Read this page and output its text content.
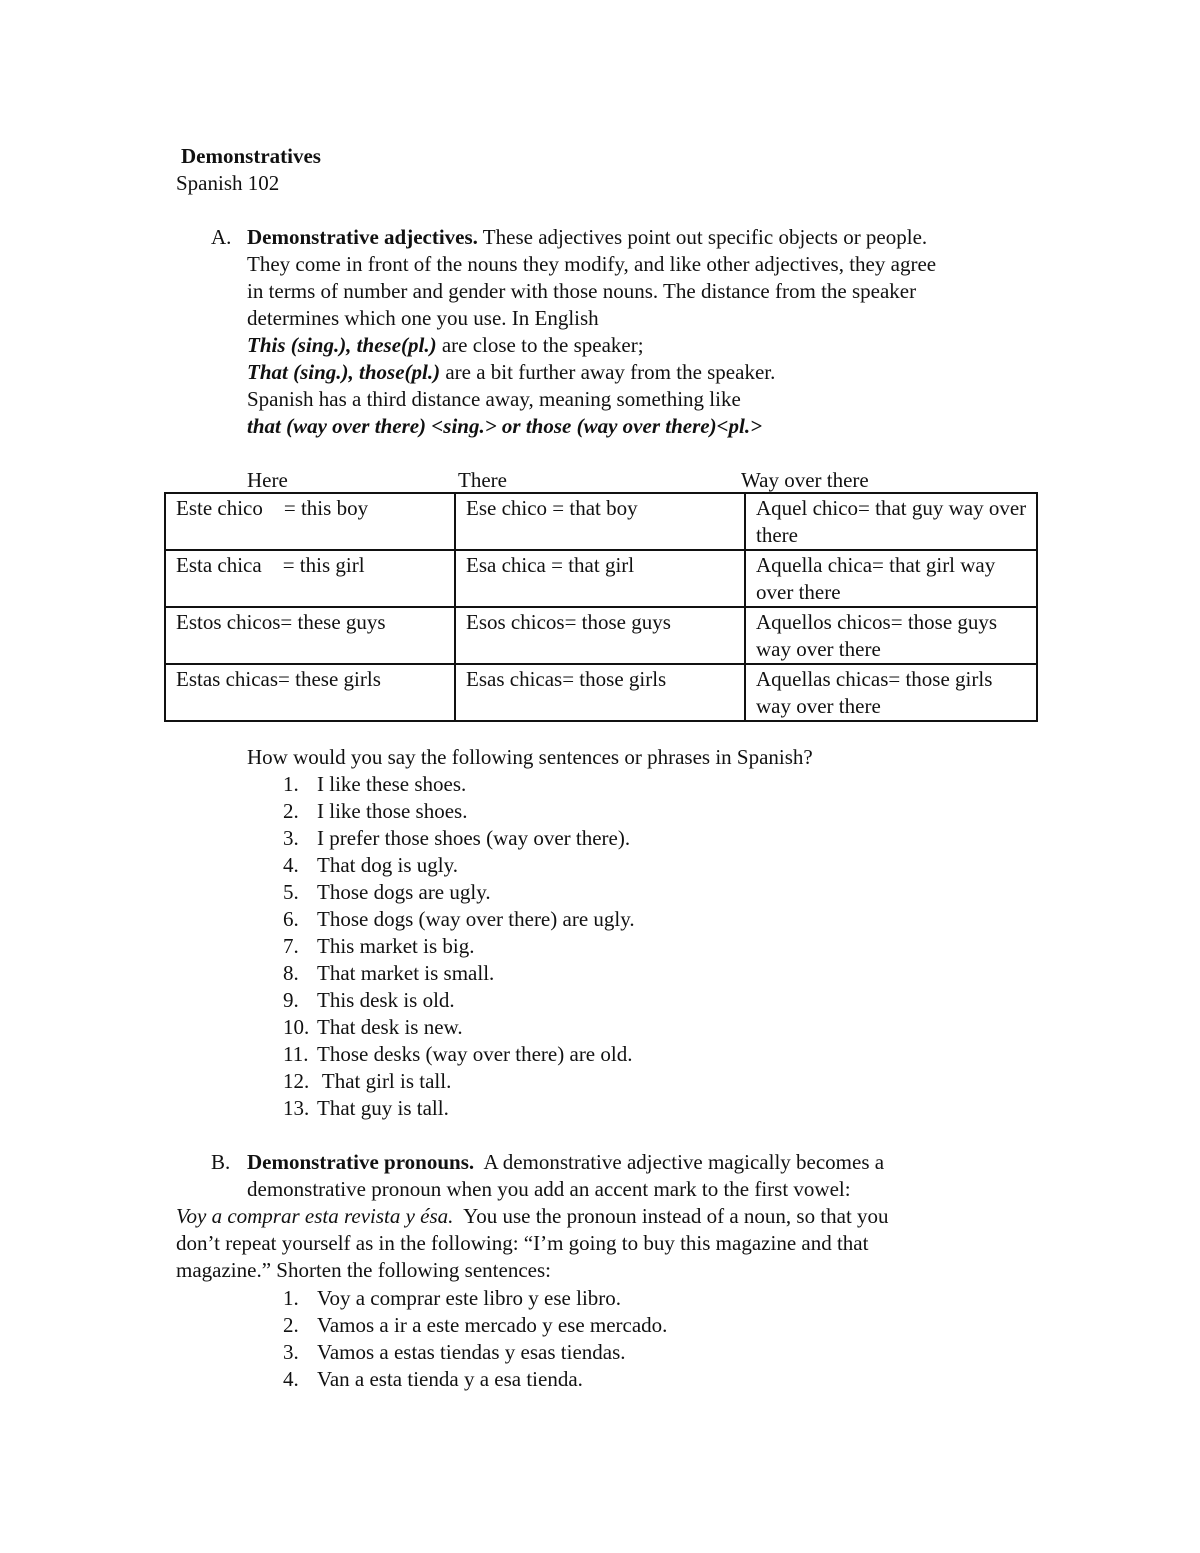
Demonstratives
Spanish 102
A. Demonstrative adjectives. These adjectives point out specific objects or people.
They come in front of the nouns they modify, and like other adjectives, they agree
in terms of number and gender with those nouns. The distance from the speaker
determines which one you use. In English
This (sing.), these(pl.) are close to the speaker;
That (sing.), those(pl.) are a bit further away from the speaker.
Spanish has a third distance away, meaning something like
that (way over there) <sing.> or those (way over there)<pl.>
Here	There	Way over there
Este chico    = this boy	Ese chico = that boy	Aquel chico= that guy way over there
Esta chica    = this girl	Esa chica = that girl	Aquella chica= that girl way over there
Estos chicos= these guys	Esos chicos= those guys	Aquellos chicos= those guys way over there
Estas chicas= these girls	Esas chicas= those girls	Aquellas chicas= those girls way over there
How would you say the following sentences or phrases in Spanish?
1. I like these shoes.
2. I like those shoes.
3. I prefer those shoes (way over there).
4. That dog is ugly.
5. Those dogs are ugly.
6. Those dogs (way over there) are ugly.
7. This market is big.
8. That market is small.
9. This desk is old.
10. That desk is new.
11. Those desks (way over there) are old.
12. That girl is tall.
13. That guy is tall.
B. Demonstrative pronouns.  A demonstrative adjective magically becomes a
demonstrative pronoun when you add an accent mark to the first vowel:
Voy a comprar esta revista y ésa.  You use the pronoun instead of a noun, so that you
don’t repeat yourself as in the following: “I’m going to buy this magazine and that
magazine.” Shorten the following sentences:
1. Voy a comprar este libro y ese libro.
2. Vamos a ir a este mercado y ese mercado.
3. Vamos a estas tiendas y esas tiendas.
4. Van a esta tienda y a esa tienda.
